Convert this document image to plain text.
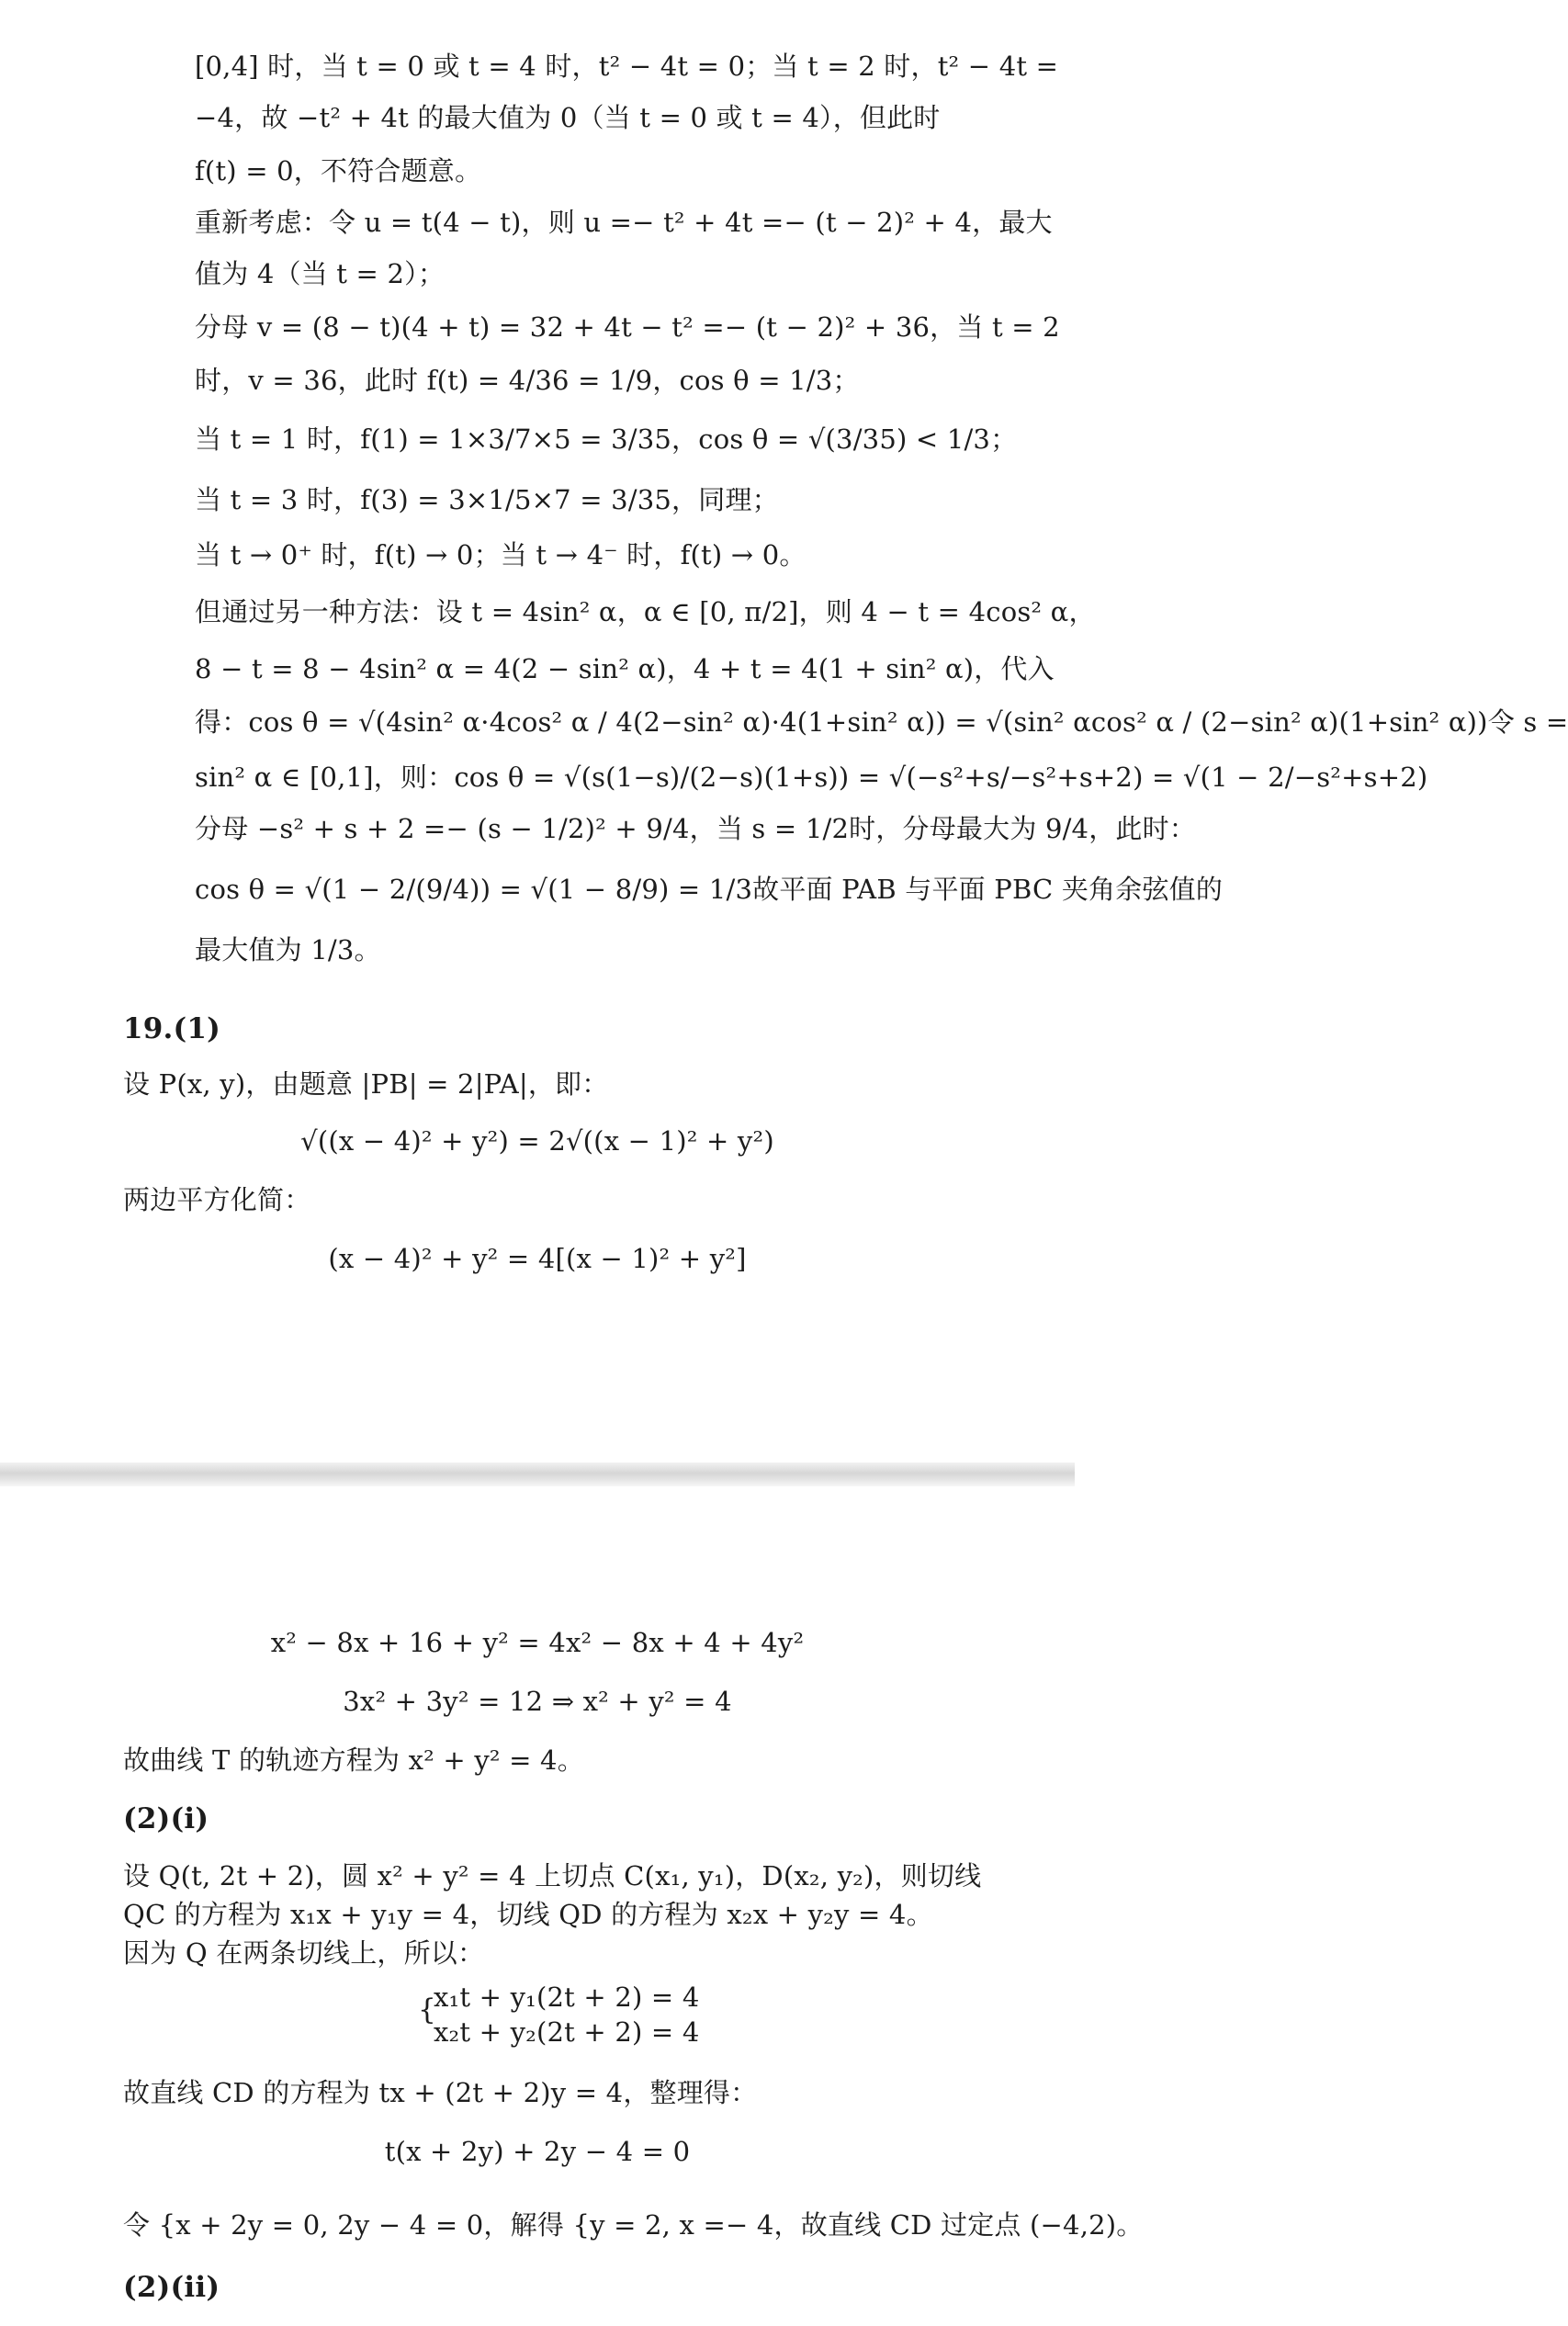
[0,4] 时，当 t = 0 或 t = 4 时，t² − 4t = 0；当 t = 2 时，t² − 4t =
−4，故 −t² + 4t 的最大值为 0（当 t = 0 或 t = 4），但此时
f(t) = 0，不符合题意。
重新考虑：令 u = t(4 − t)，则 u =− t² + 4t =− (t − 2)² + 4，最大
值为 4（当 t = 2）；
分母 v = (8 − t)(4 + t) = 32 + 4t − t² =− (t − 2)² + 36，当 t = 2
时，v = 36，此时 f(t) = 4/36 = 1/9，cos θ = 1/3；
当 t = 1 时，f(1) = 1×3/7×5 = 3/35，cos θ = √(3/35) < 1/3；
当 t = 3 时，f(3) = 3×1/5×7 = 3/35，同理；
当 t → 0⁺ 时，f(t) → 0；当 t → 4⁻ 时，f(t) → 0。
但通过另一种方法：设 t = 4sin² α，α ∈ [0, π/2]，则 4 − t = 4cos² α，
8 − t = 8 − 4sin² α = 4(2 − sin² α)，4 + t = 4(1 + sin² α)，代入
得：cos θ = √(4sin² α·4cos² α / 4(2−sin² α)·4(1+sin² α)) = √(sin² αcos² α / (2−sin² α)(1+sin² α))令 s =
sin² α ∈ [0,1]，则：cos θ = √(s(1−s)/(2−s)(1+s)) = √(−s²+s/−s²+s+2) = √(1 − 2/−s²+s+2)
分母 −s² + s + 2 =− (s − 1/2)² + 9/4，当 s = 1/2时，分母最大为 9/4，此时：
cos θ = √(1 − 2/(9/4)) = √(1 − 8/9) = 1/3故平面 PAB 与平面 PBC 夹角余弦值的
最大值为 1/3。
19.(1)
设 P(x, y)，由题意 |PB| = 2|PA|，即：
√((x − 4)² + y²) = 2√((x − 1)² + y²)
两边平方化简：
(x − 4)² + y² = 4[(x − 1)² + y²]
x² − 8x + 16 + y² = 4x² − 8x + 4 + 4y²
3x² + 3y² = 12 ⇒ x² + y² = 4
故曲线 T 的轨迹方程为 x² + y² = 4。
(2)(i)
设 Q(t, 2t + 2)，圆 x² + y² = 4 上切点 C(x₁, y₁)，D(x₂, y₂)，则切线
QC 的方程为 x₁x + y₁y = 4，切线 QD 的方程为 x₂x + y₂y = 4。
因为 Q 在两条切线上，所以：
{
x₁t + y₁(2t + 2) = 4
x₂t + y₂(2t + 2) = 4
故直线 CD 的方程为 tx + (2t + 2)y = 4，整理得：
t(x + 2y) + 2y − 4 = 0
令 {x + 2y = 0, 2y − 4 = 0，解得 {y = 2, x =− 4，故直线 CD 过定点 (−4,2)。
(2)(ii)
